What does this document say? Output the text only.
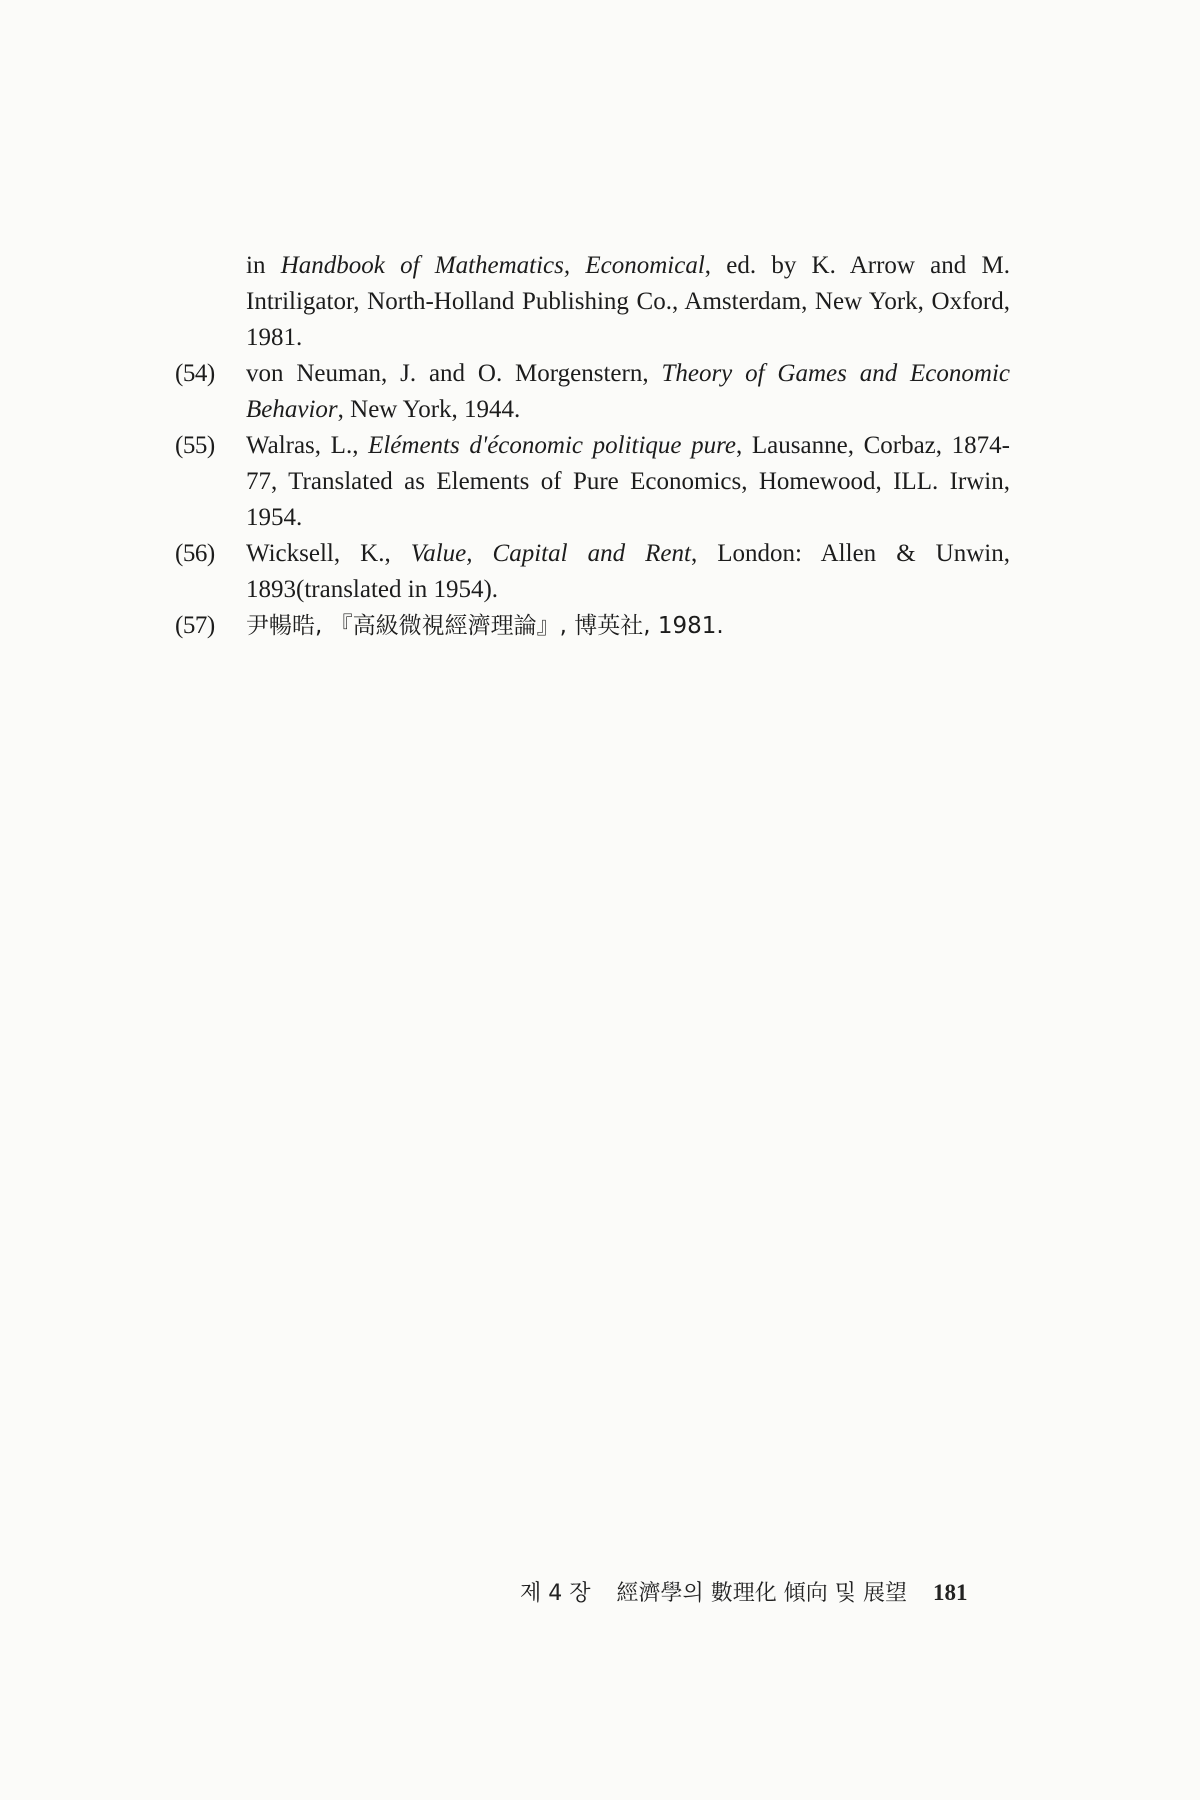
in Handbook of Mathematics, Economical, ed. by K. Arrow and M. Intriligator, North-Holland Publishing Co., Amsterdam, New York, Oxford, 1981.
(54)	von Neuman, J. and O. Morgenstern, Theory of Games and Economic Behavior, New York, 1944.
(55)	Walras, L., Eléments d'économic politique pure, Lausanne, Corbaz, 1874-77, Translated as Elements of Pure Economics, Homewood, ILL. Irwin, 1954.
(56)	Wicksell, K., Value, Capital and Rent, London: Allen & Unwin, 1893(translated in 1954).
(57)	尹暢晧, 『高級微視經濟理論』, 博英社, 1981.
제 4 장 經濟學의 數理化 傾向 및 展望 181
